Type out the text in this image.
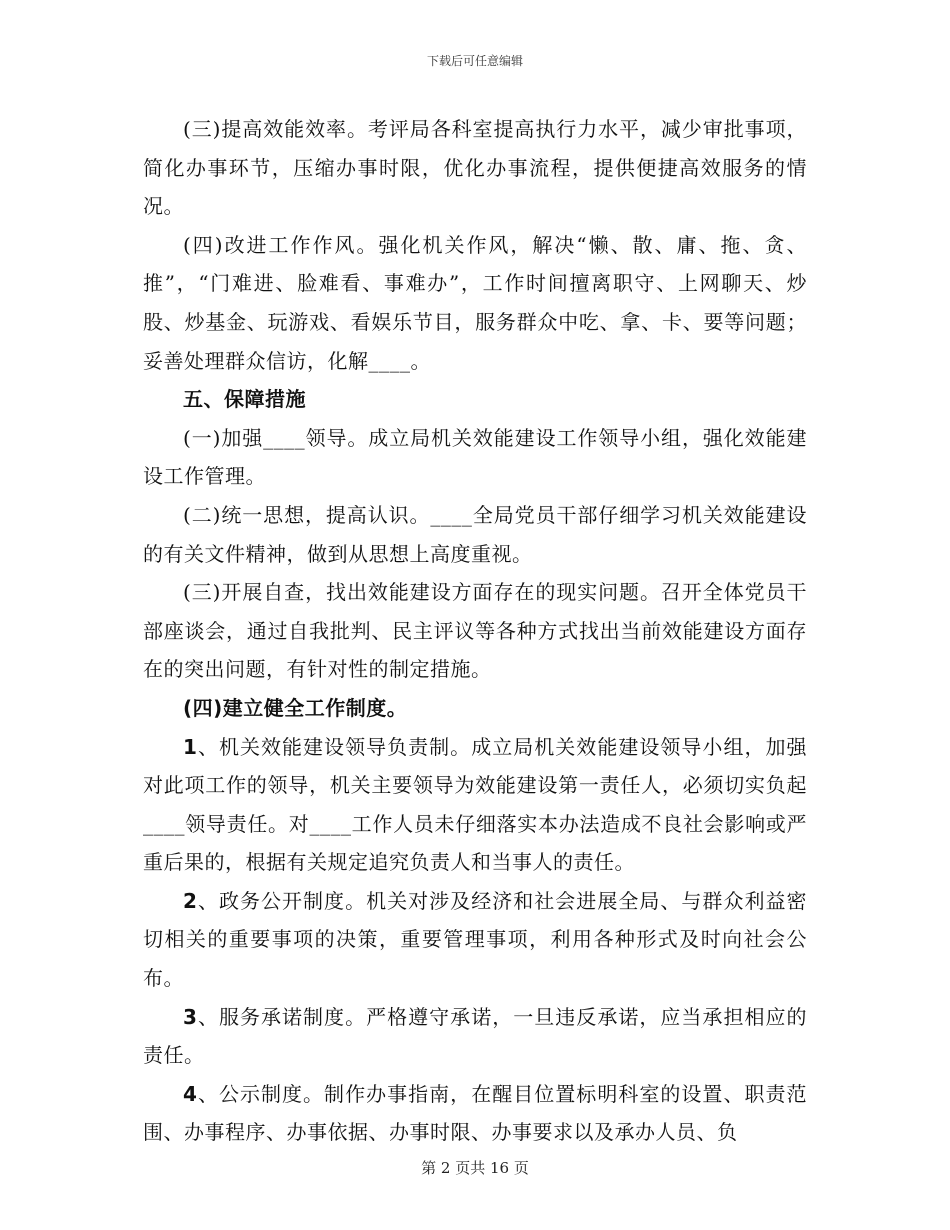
下载后可任意编辑

(三)提高效能效率。考评局各科室提高执行力水平，减少审批事项，简化办事环节，压缩办事时限，优化办事流程，提供便捷高效服务的情况。

(四)改进工作作风。强化机关作风，解决“懒、散、庸、拖、贪、推”，“门难进、脸难看、事难办”，工作时间擅离职守、上网聊天、炒股、炒基金、玩游戏、看娱乐节目，服务群众中吃、拿、卡、要等问题；妥善处理群众信访，化解____。

五、保障措施

(一)加强____领导。成立局机关效能建设工作领导小组，强化效能建设工作管理。

(二)统一思想，提高认识。____全局党员干部仔细学习机关效能建设的有关文件精神，做到从思想上高度重视。

(三)开展自查，找出效能建设方面存在的现实问题。召开全体党员干部座谈会，通过自我批判、民主评议等各种方式找出当前效能建设方面存在的突出问题，有针对性的制定措施。

(四)建立健全工作制度。

1、机关效能建设领导负责制。成立局机关效能建设领导小组，加强对此项工作的领导，机关主要领导为效能建设第一责任人，必须切实负起____领导责任。对____工作人员未仔细落实本办法造成不良社会影响或严重后果的，根据有关规定追究负责人和当事人的责任。

2、政务公开制度。机关对涉及经济和社会进展全局、与群众利益密切相关的重要事项的决策，重要管理事项，利用各种形式及时向社会公布。

3、服务承诺制度。严格遵守承诺，一旦违反承诺，应当承担相应的责任。

4、公示制度。制作办事指南，在醒目位置标明科室的设置、职责范围、办事程序、办事依据、办事时限、办事要求以及承办人员、负

第 2 页共 16 页
